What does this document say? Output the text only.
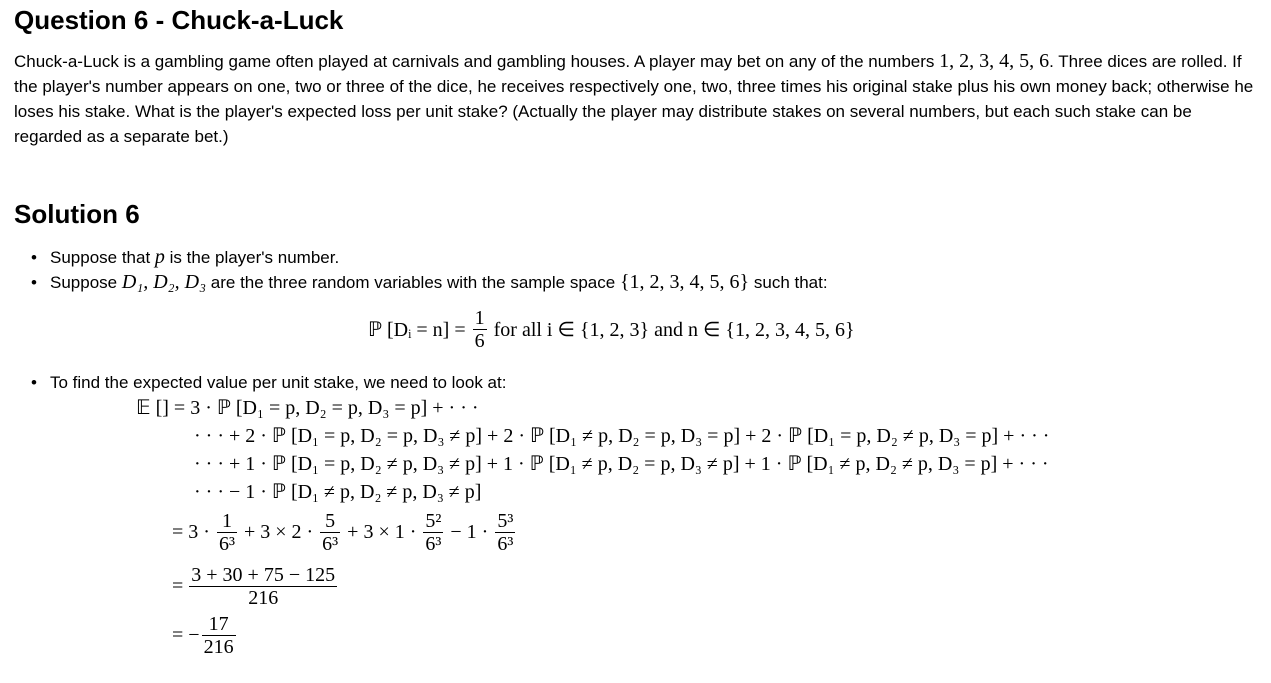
Question 6 - Chuck-a-Luck

Chuck-a-Luck is a gambling game often played at carnivals and gambling houses. A player may bet on any of the numbers 1, 2, 3, 4, 5, 6. Three dices are rolled. If the player's number appears on one, two or three of the dice, he receives respectively one, two, three times his original stake plus his own money back; otherwise he loses his stake. What is the player's expected loss per unit stake? (Actually the player may distribute stakes on several numbers, but each such stake can be regarded as a separate bet.)

Solution 6
• Suppose that p is the player's number.
• Suppose D₁, D₂, D₃ are the three random variables with the sample space {1, 2, 3, 4, 5, 6} such that:
ℙ [Dᵢ = $n] = \frac{1}{6}$ for all i ∈ {1, 2, 3} and n ∈ {1, 2, 3, 4, 5, 6}
• To find the expected value per unit stake, we need to look at:
𝔼 [] = 3 · ℙ [D₁ = p, D₂ = p, D₃ = p] + · · ·
· · · + 2 · ℙ [D₁ = p, D₂ = p, D₃ ≠ p] + 2 · ℙ [D₁ ≠ p, D₂ = p, D₃ = p] + 2 · ℙ [D₁ = p, D₂ ≠ p, D₃ = p] + · · ·
· · · + 1 · ℙ [D₁ = p, D₂ ≠ p, D₃ ≠ p] + 1 · ℙ [D₁ ≠ p, D₂ = p, D₃ ≠ p] + 1 · ℙ [D₁ ≠ p, D₂ ≠ p, D₃ = p] + · · ·
· · · − 1 · ℙ [D₁ ≠ p, D₂ ≠ p, D₃ ≠ p]
= $3 \cdot \frac{1}{\text{6³}} + 3 \times 2 \cdot \frac{5}{\text{6³}} + 3 \times 1 \cdot \frac{\text{5²}}{\text{6³}} - 1 \cdot \frac{\text{5³}}{\text{6³}}$
= $\frac{3 + 30 + 75 - 125}{216}$
= − $\frac{17}{216}$
